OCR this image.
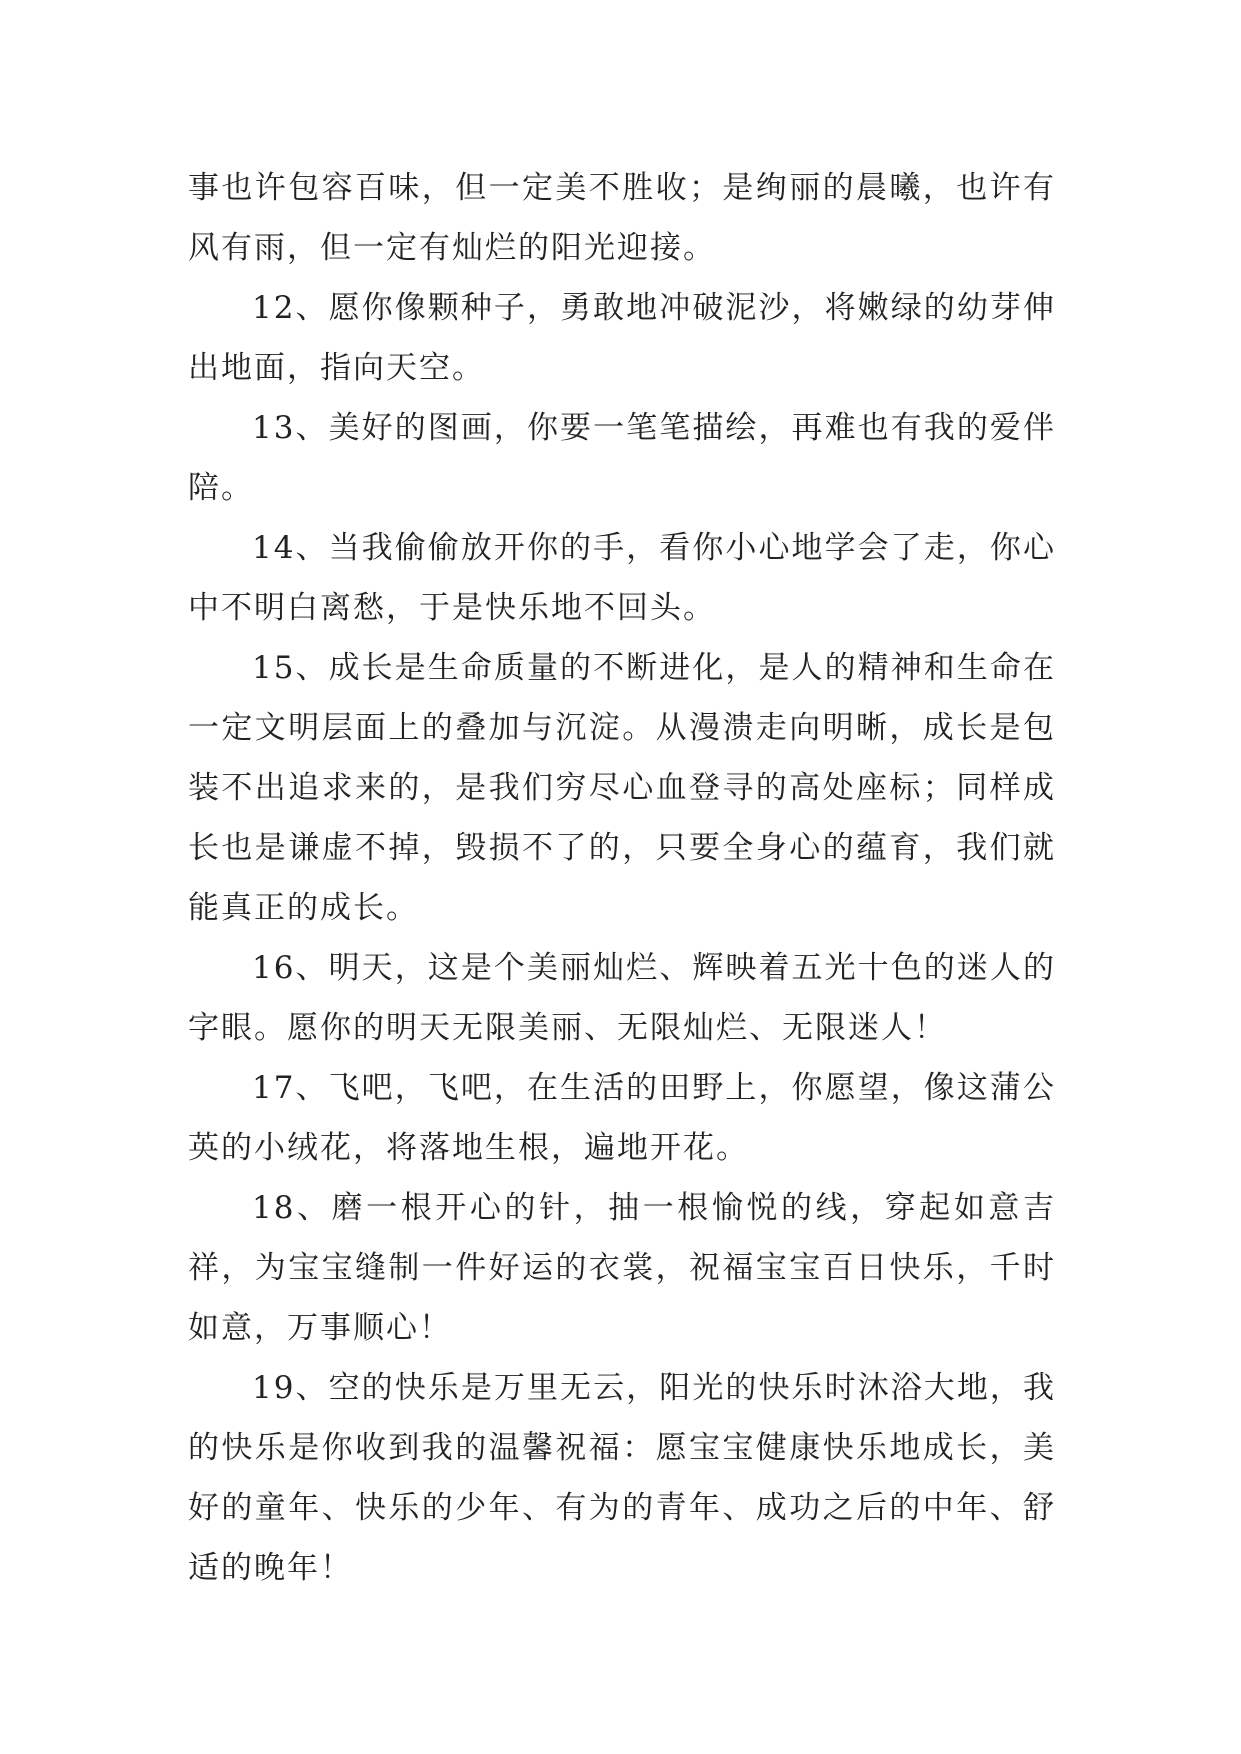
事也许包容百味，但一定美不胜收；是绚丽的晨曦，也许有风有雨，但一定有灿烂的阳光迎接。

12、愿你像颗种子，勇敢地冲破泥沙，将嫩绿的幼芽伸出地面，指向天空。

13、美好的图画，你要一笔笔描绘，再难也有我的爱伴陪。

14、当我偷偷放开你的手，看你小心地学会了走，你心中不明白离愁，于是快乐地不回头。

15、成长是生命质量的不断进化，是人的精神和生命在一定文明层面上的叠加与沉淀。从漫溃走向明晰，成长是包装不出追求来的，是我们穷尽心血登寻的高处座标；同样成长也是谦虚不掉，毁损不了的，只要全身心的蕴育，我们就能真正的成长。

16、明天，这是个美丽灿烂、辉映着五光十色的迷人的字眼。愿你的明天无限美丽、无限灿烂、无限迷人！

17、飞吧，飞吧，在生活的田野上，你愿望，像这蒲公英的小绒花，将落地生根，遍地开花。

18、磨一根开心的针，抽一根愉悦的线，穿起如意吉祥，为宝宝缝制一件好运的衣裳，祝福宝宝百日快乐，千时如意，万事顺心！

19、空的快乐是万里无云，阳光的快乐时沐浴大地，我的快乐是你收到我的温馨祝福：愿宝宝健康快乐地成长，美好的童年、快乐的少年、有为的青年、成功之后的中年、舒适的晚年！
